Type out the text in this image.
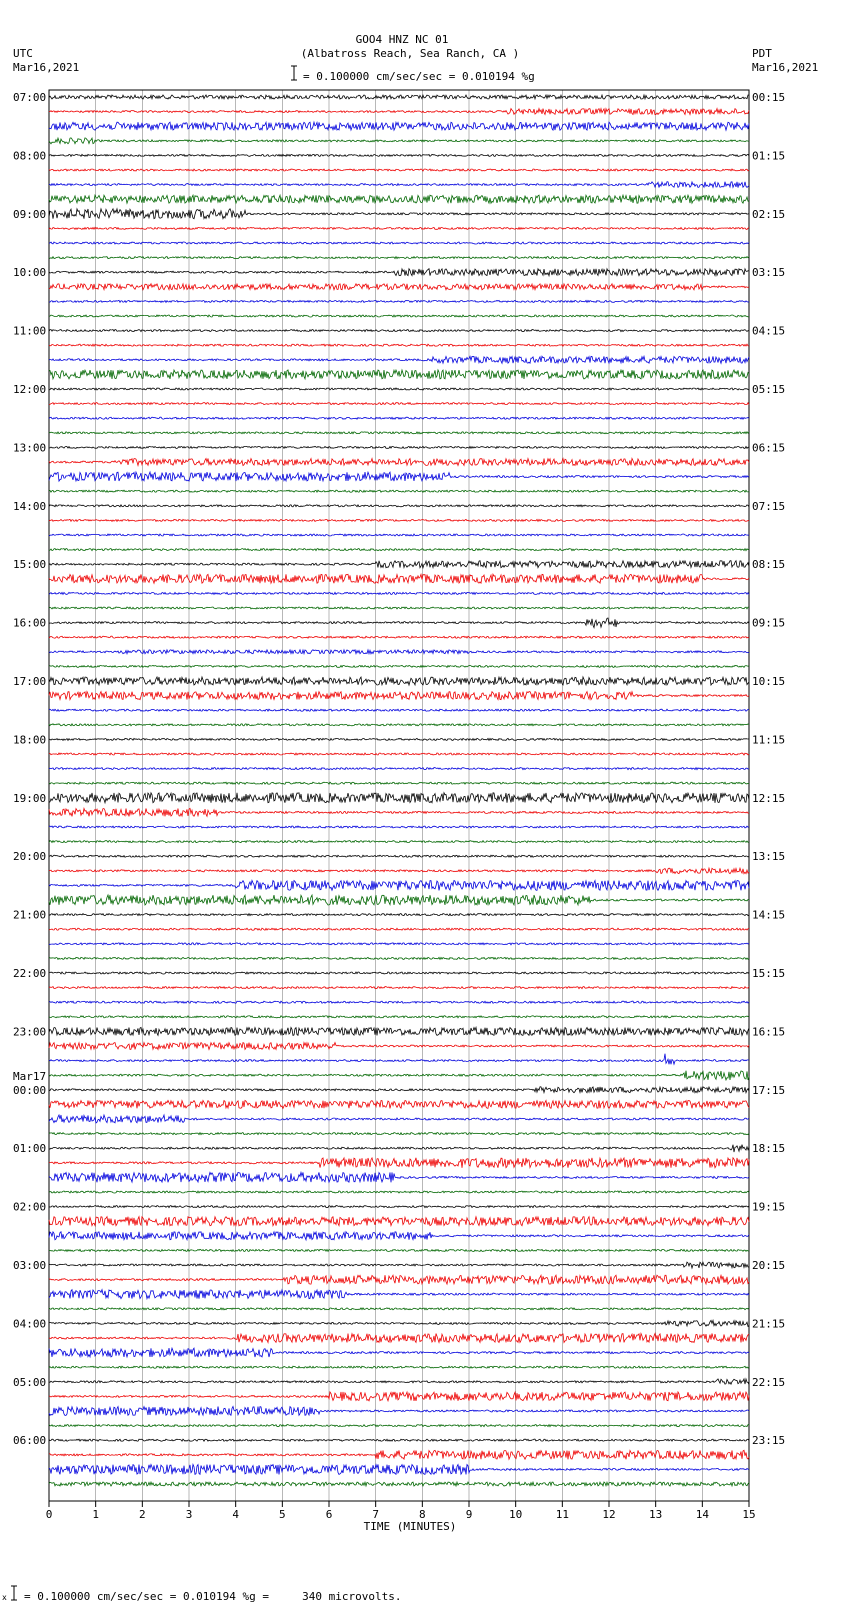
07:00	00:15
08:00	01:15
09:00	02:15
10:00	03:15
11:00	04:15
12:00	05:15
13:00	06:15
14:00	07:15
15:00	08:15
16:00	09:15
17:00	10:15
18:00	11:15
19:00	12:15
20:00	13:15
21:00	14:15
22:00	15:15
23:00	16:15
00:00	17:15
01:00	18:15
02:00	19:15
03:00	20:15
04:00	21:15
05:00	22:15
06:00	23:15
Mar17
GOO4 HNZ NC 01
(Albatross Reach, Sea Ranch, CA )
= 0.100000 cm/sec/sec = 0.010194 %g
UTC
Mar16,2021
PDT
Mar16,2021
0	1	2	3	4	5	6	7	8	9	10	11	12	13	14	15
TIME (MINUTES)
x = 0.100000 cm/sec/sec = 0.010194 %g =     340 microvolts.
